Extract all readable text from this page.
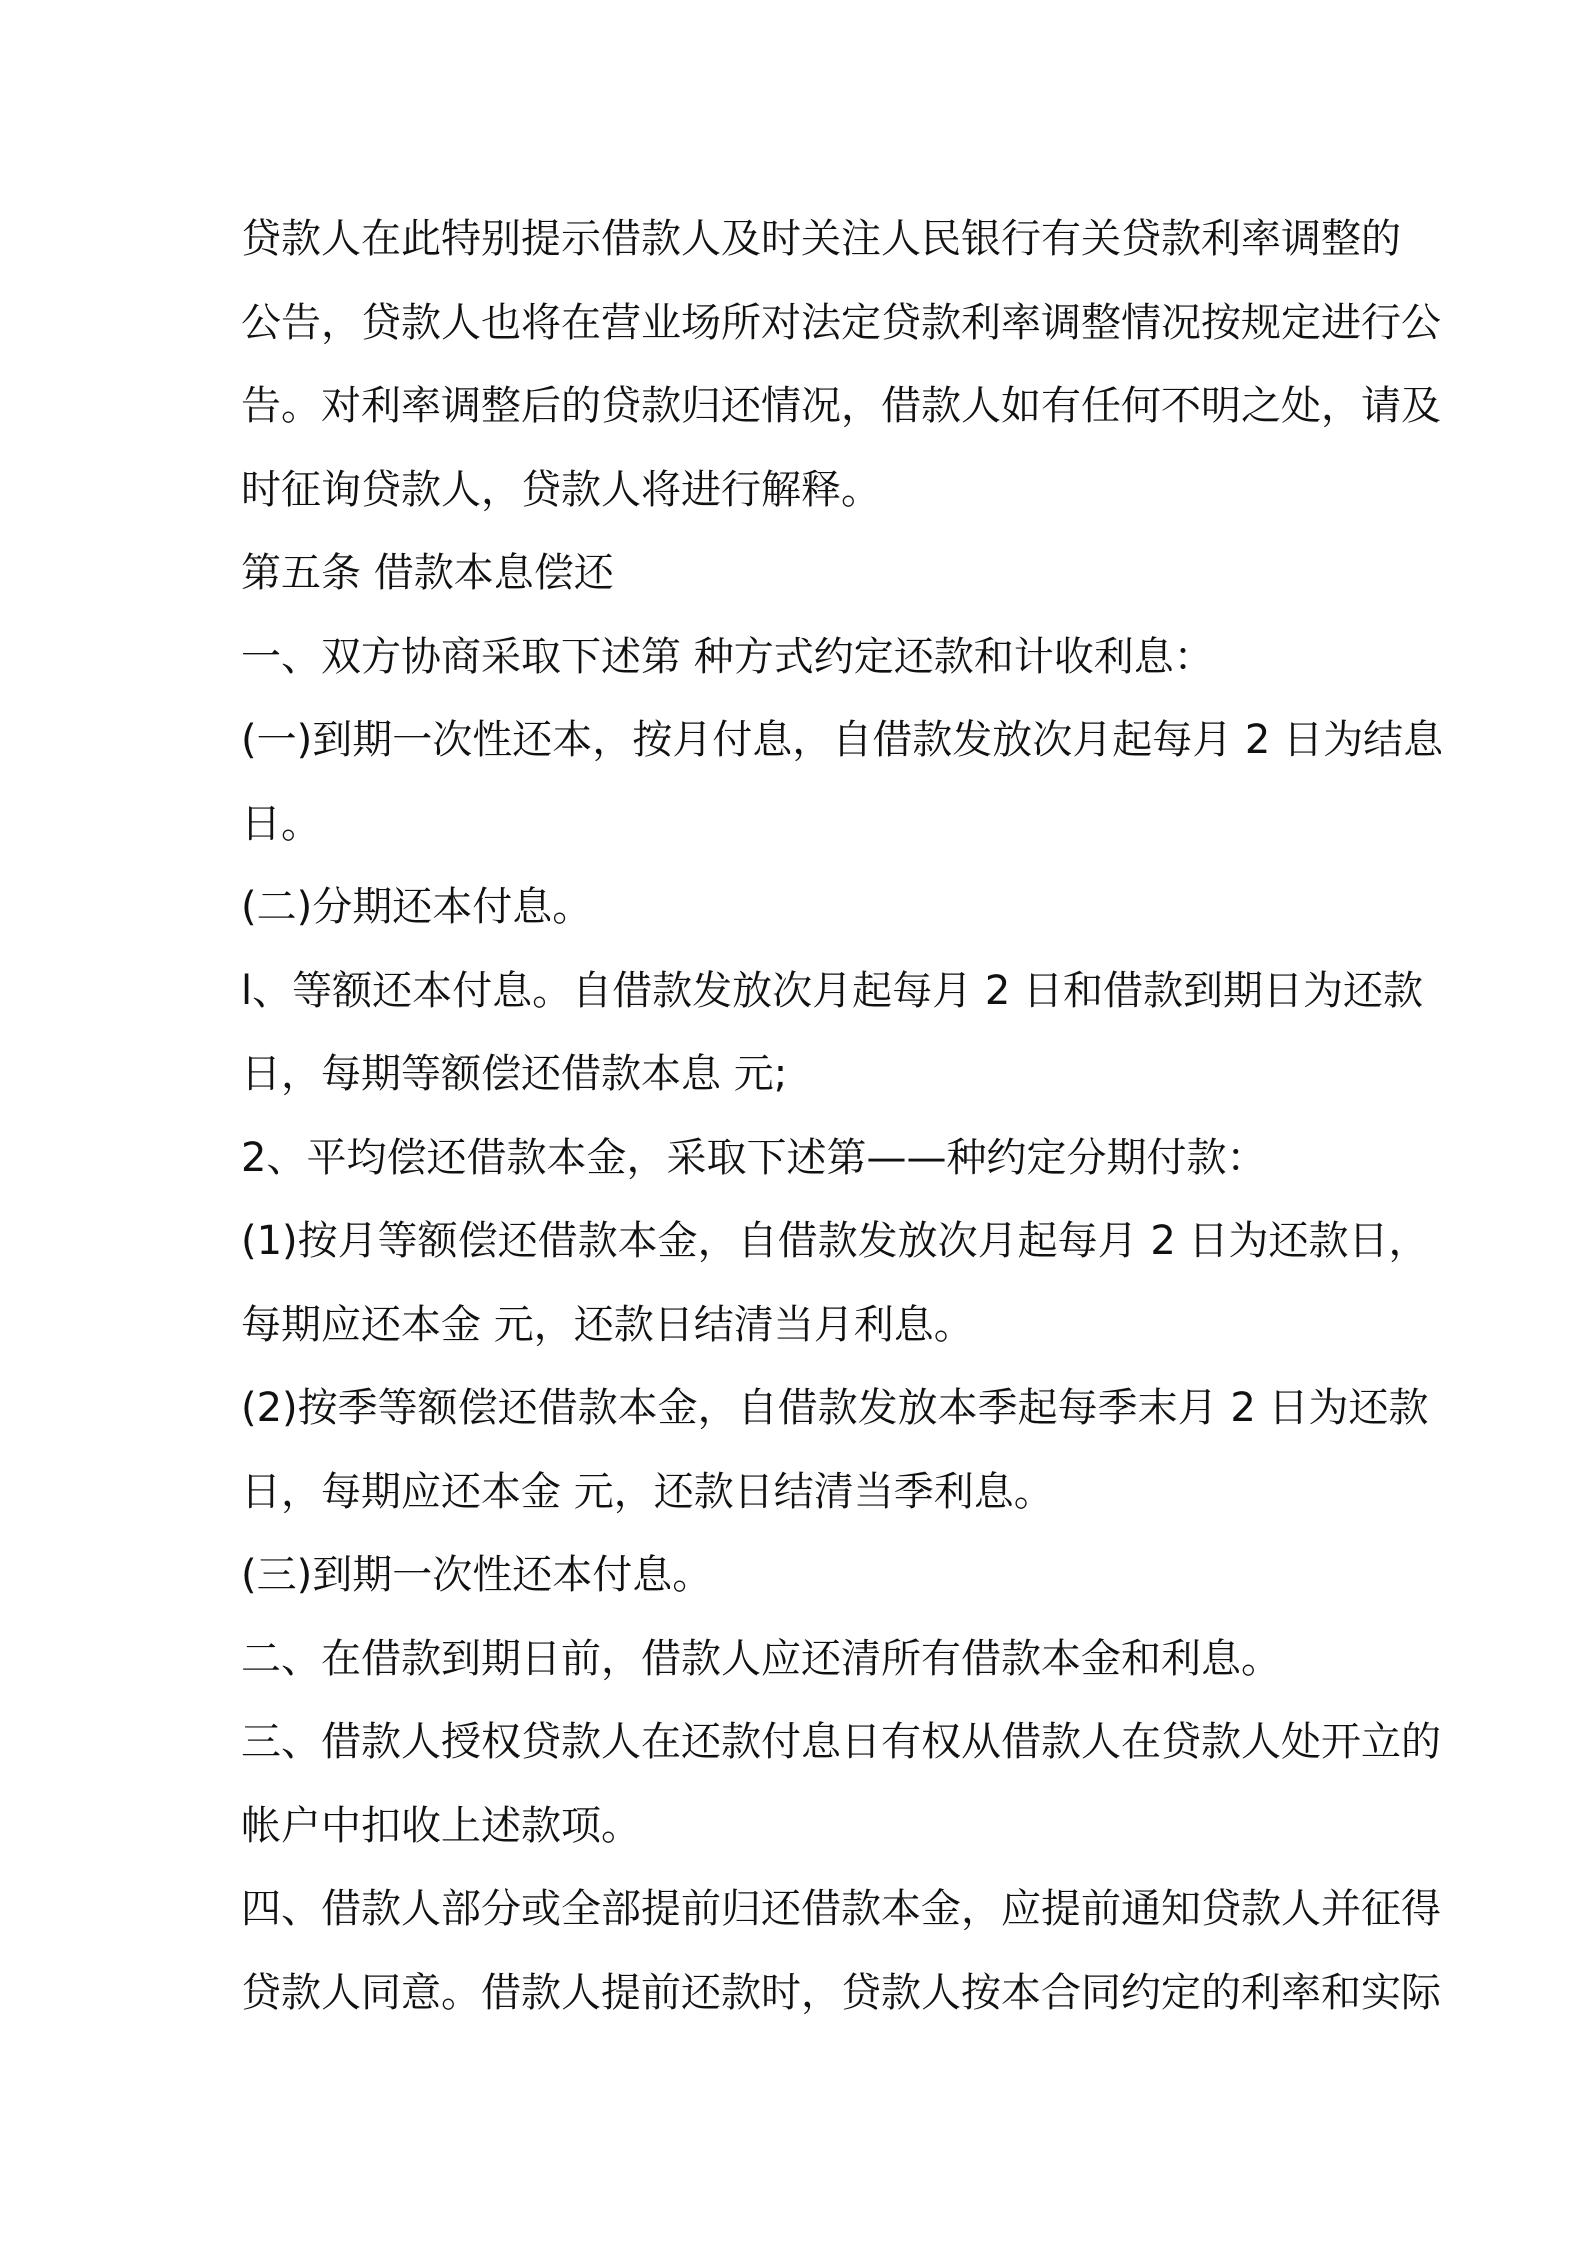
贷款人在此特别提示借款人及时关注人民银行有关贷款利率调整的
公告，贷款人也将在营业场所对法定贷款利率调整情况按规定进行公
告。对利率调整后的贷款归还情况，借款人如有任何不明之处，请及
时征询贷款人，贷款人将进行解释。
第五条 借款本息偿还
一、双方协商采取下述第 种方式约定还款和计收利息：
(一)到期一次性还本，按月付息，自借款发放次月起每月 2 日为结息
日。
(二)分期还本付息。
l、等额还本付息。自借款发放次月起每月 2 日和借款到期日为还款
日，每期等额偿还借款本息 元;
2、平均偿还借款本金，采取下述第——种约定分期付款：
(1)按月等额偿还借款本金，自借款发放次月起每月 2 日为还款日，
每期应还本金 元，还款日结清当月利息。
(2)按季等额偿还借款本金，自借款发放本季起每季末月 2 日为还款
日，每期应还本金 元，还款日结清当季利息。
(三)到期一次性还本付息。
二、在借款到期日前，借款人应还清所有借款本金和利息。
三、借款人授权贷款人在还款付息日有权从借款人在贷款人处开立的
帐户中扣收上述款项。
四、借款人部分或全部提前归还借款本金，应提前通知贷款人并征得
贷款人同意。借款人提前还款时，贷款人按本合同约定的利率和实际
